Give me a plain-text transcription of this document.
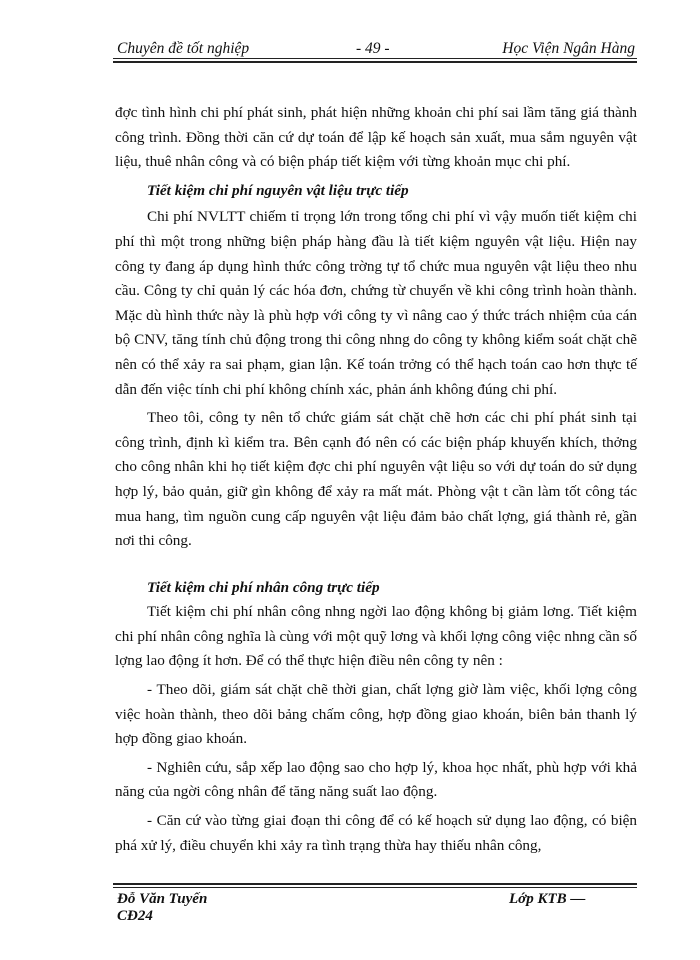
Chuyên đề tốt nghiệp	- 49 -	Học Viện Ngân Hàng

đợc tình hình chi phí phát sinh, phát hiện những khoản chi phí sai lầm tăng giá thành công trình. Đồng thời căn cứ dự toán để lập kế hoạch sản xuất, mua sắm nguyên vật liệu, thuê nhân công và có biện pháp tiết kiệm với từng khoản mục chi phí.

Tiết kiệm chi phí nguyên vật liệu trực tiếp

Chi phí NVLTT chiếm tỉ trọng lớn trong tổng chi phí vì vậy muốn tiết kiệm chi phí thì một trong những biện pháp hàng đầu là tiết kiệm nguyên vật liệu. Hiện nay công ty đang áp dụng hình thức công trờng tự tổ chức mua nguyên vật liệu theo nhu cầu. Công ty chỉ quản lý các hóa đơn, chứng từ chuyển về khi công trình hoàn thành. Mặc dù hình thức này là phù hợp với công ty vì nâng cao ý thức trách nhiệm của cán bộ CNV, tăng tính chủ động trong thi công nhng do công ty không kiểm soát chặt chẽ nên có thể xảy ra sai phạm, gian lận. Kế toán trởng có thể hạch toán cao hơn thực tế dẫn đến việc tính chi phí không chính xác, phản ánh không đúng chi phí.

Theo tôi, công ty nên tổ chức giám sát chặt chẽ hơn các chi phí phát sinh tại công trình, định kì kiểm tra. Bên cạnh đó nên có các biện pháp khuyến khích, thởng cho công nhân khi họ tiết kiệm đợc chi phí nguyên vật liệu so với dự toán do sử dụng hợp lý, bảo quản, giữ gìn không để xảy ra mất mát. Phòng vật t cần làm tốt công tác mua hang, tìm nguồn cung cấp nguyên vật liệu đảm bảo chất lợng, giá thành rẻ, gần nơi thi công.

Tiết kiệm chi phí nhân công trực tiếp

Tiết kiệm chi phí nhân công nhng ngời lao động không bị giảm lơng. Tiết kiệm chi phí nhân công nghĩa là cùng với một quỹ lơng và khối lợng công việc nhng cần số lợng lao động ít hơn. Để có thể thực hiện điều nên công ty nên :

- Theo dõi, giám sát chặt chẽ thời gian, chất lợng giờ làm việc, khối lợng công việc hoàn thành, theo dõi bảng chấm công, hợp đồng giao khoán, biên bản thanh lý hợp đồng giao khoán.

- Nghiên cứu, sắp xếp lao động sao cho hợp lý, khoa học nhất, phù hợp với khả năng của ngời công nhân để tăng năng suất lao động.

- Căn cứ vào từng giai đoạn thi công để có kế hoạch sử dụng lao động, có biện phá xử lý, điều chuyển khi xảy ra tình trạng thừa hay thiếu nhân công,

Đỗ Văn Tuyến
CĐ24
Lớp KTB —
